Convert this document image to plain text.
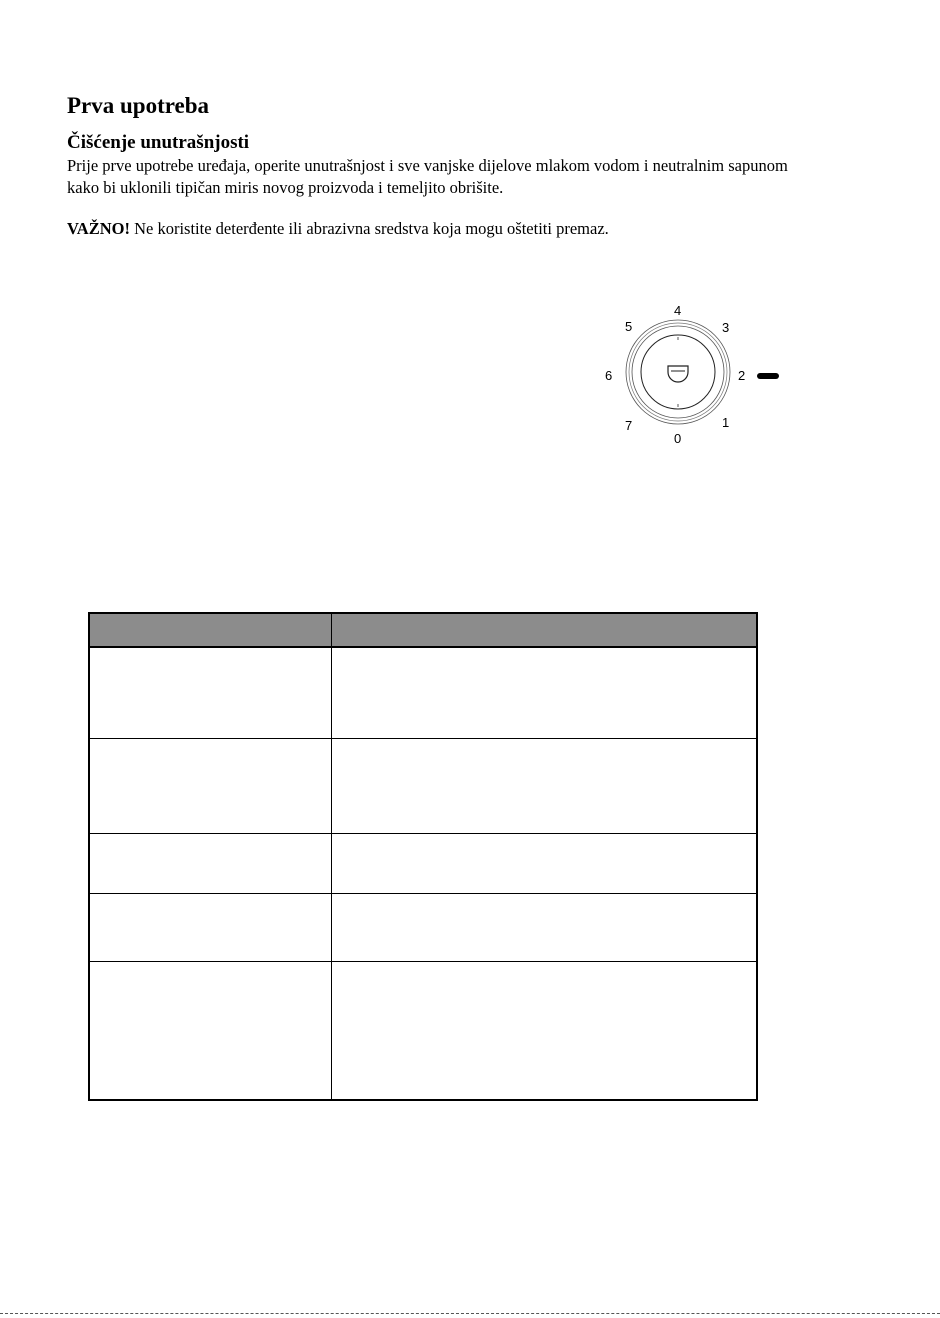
Prva upotreba
Čišćenje unutrašnjosti

Prije prve upotrebe uređaja, operite unutrašnjost i sve vanjske dijelove mlakom vodom i neutralnim sapunom kako bi uklonili tipičan miris novog proizvoda i temeljito obrišite.

VAŽNO! Ne koristite deterđente ili abrazivna sredstva koja mogu oštetiti premaz.

4
3
5
6	2
7	1
0
